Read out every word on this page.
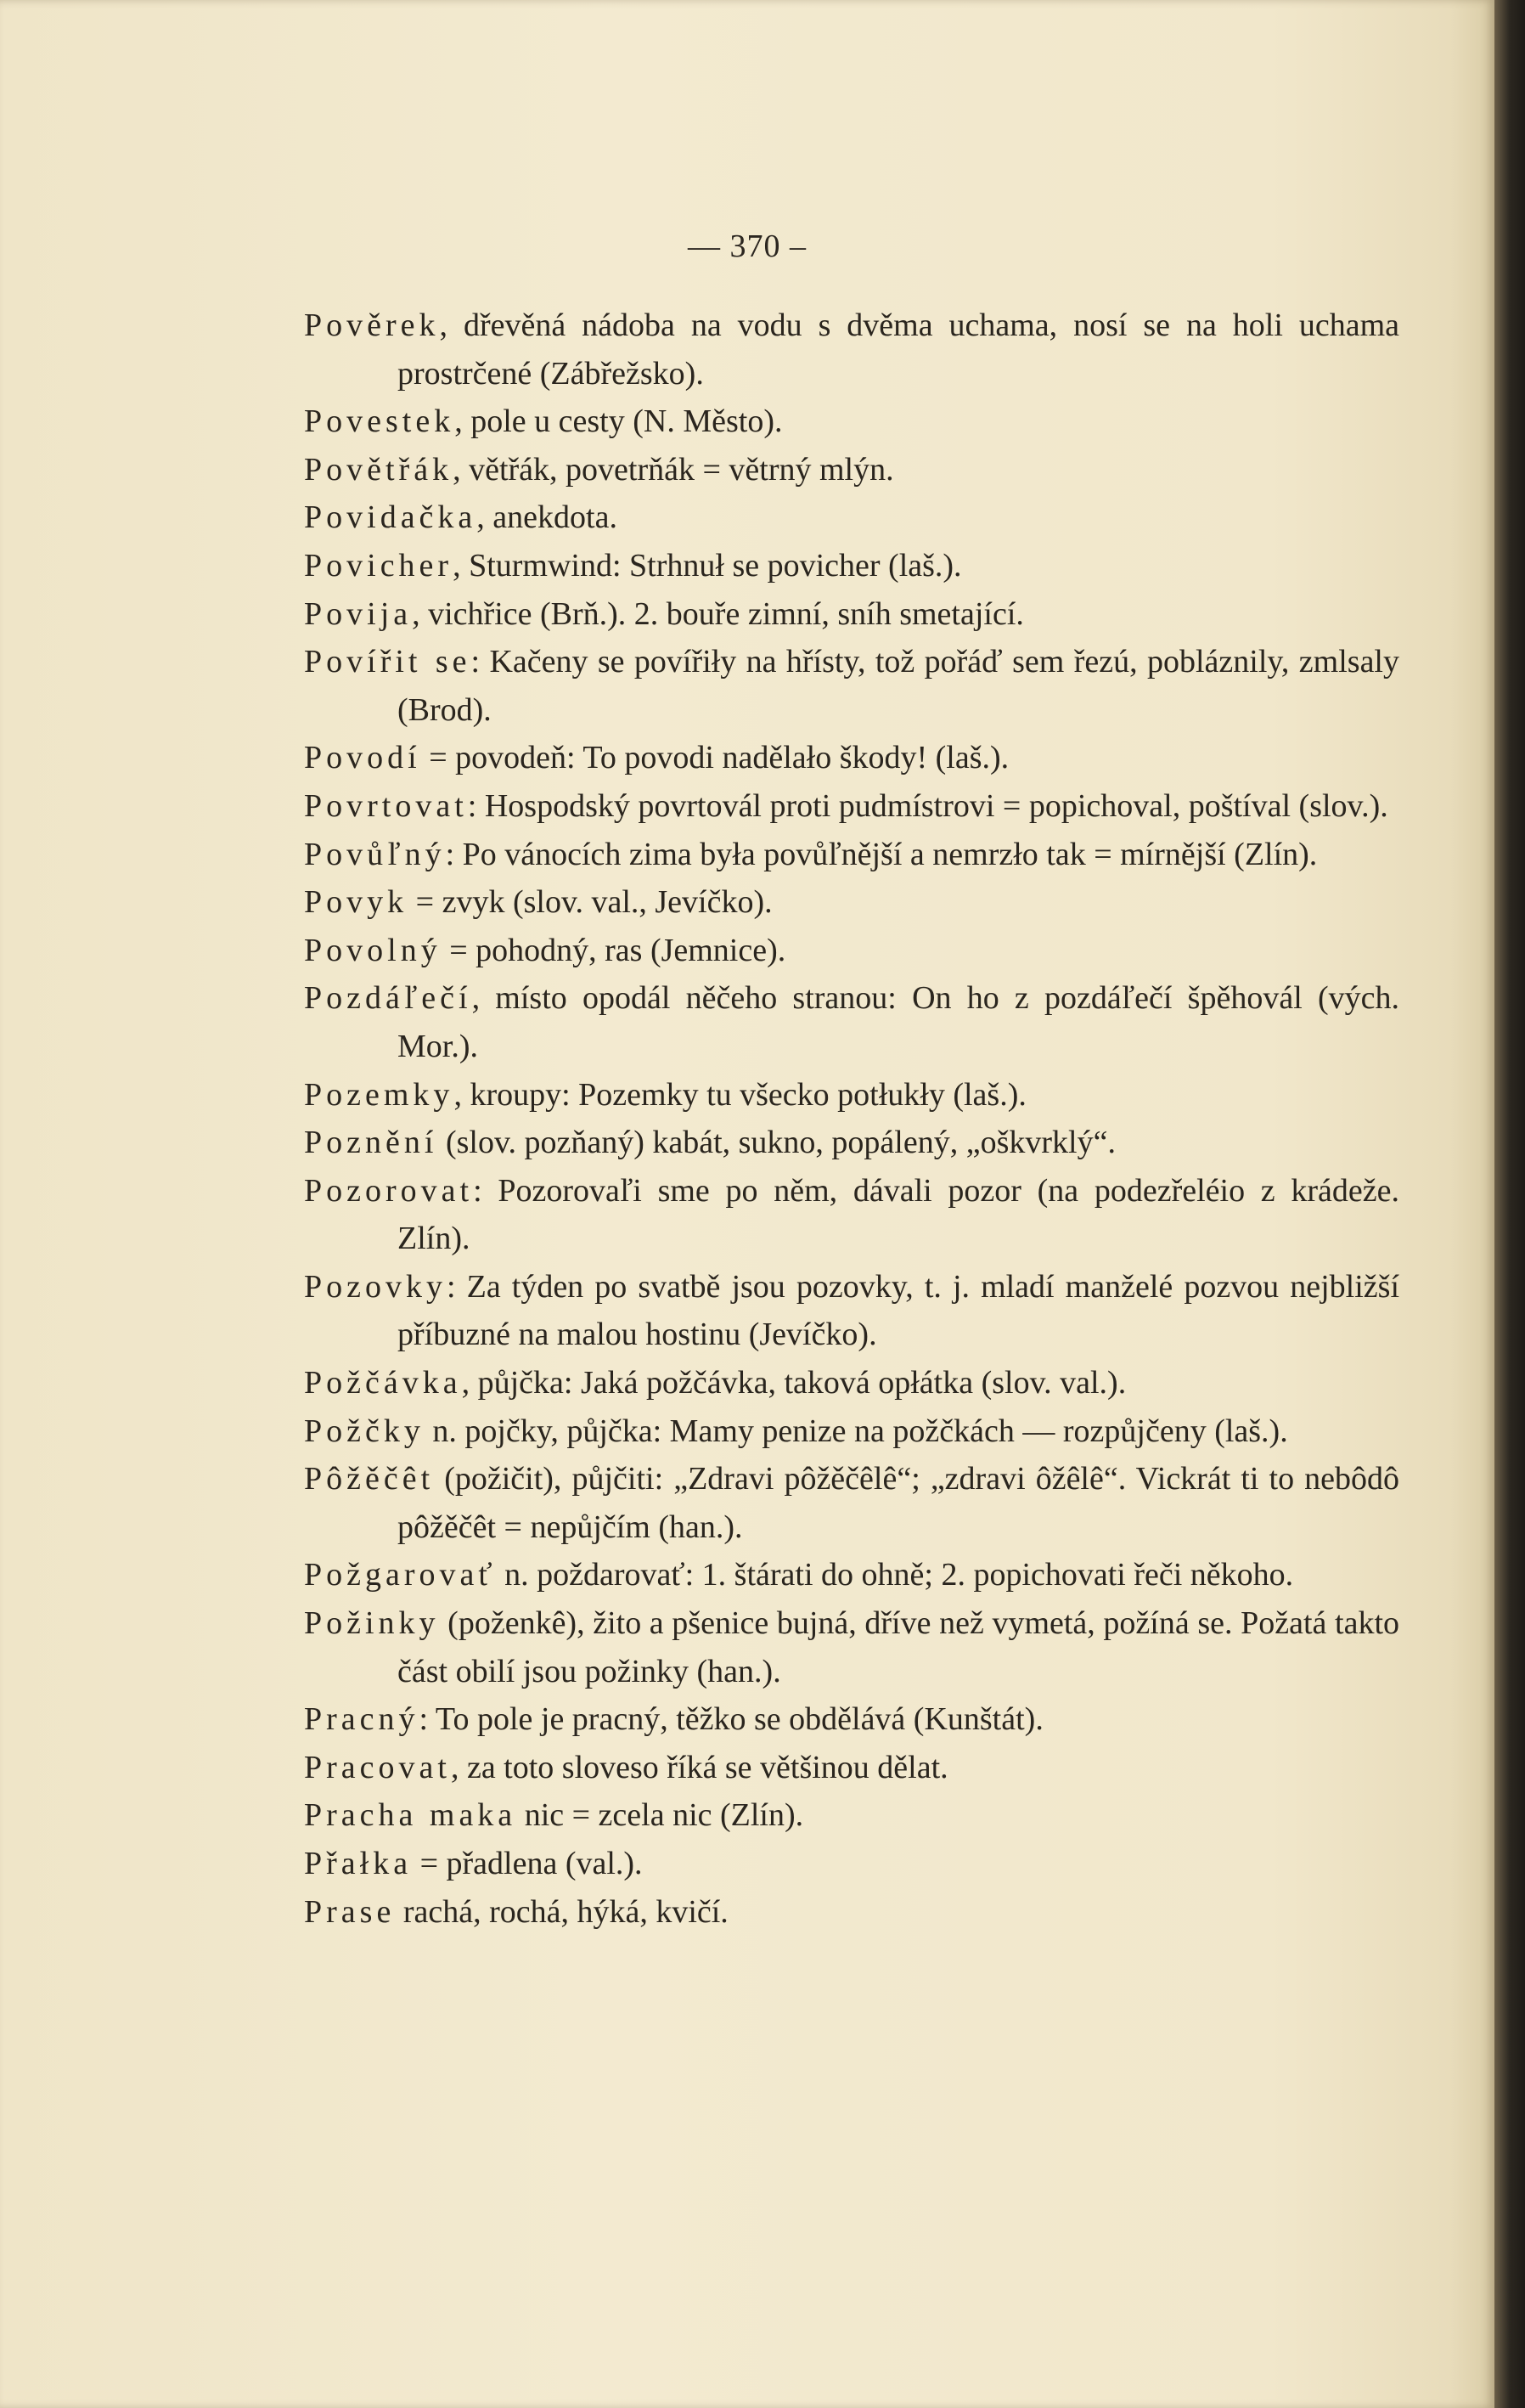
— 370 –

Pověrek, dřevěná nádoba na vodu s dvěma uchama, nosí se na holi uchama prostrčené (Zábřežsko).

Povestek, pole u cesty (N. Město).

Povětřák, větřák, povetrňák = větrný mlýn.

Povidačka, anekdota.

Povicher, Sturmwind: Strhnuł se povicher (laš.).

Povija, vichřice (Brň.). 2. bouře zimní, sníh smetající.

Povířit se: Kačeny se povířiły na hřísty, tož pořáď sem řezú, pobláznily, zmlsaly (Brod).

Povodí = povodeň: To povodi nadělało škody! (laš.).

Povrtovat: Hospodský povrtovál proti pudmístrovi = popichoval, poštíval (slov.).

Povůľný: Po vánocích zima była povůľnější a nemrzło tak = mírnější (Zlín).

Povyk = zvyk (slov. val., Jevíčko).

Povolný = pohodný, ras (Jemnice).

Pozdáľečí, místo opodál něčeho stranou: On ho z pozdáľečí špěhovál (vých. Mor.).

Pozemky, kroupy: Pozemky tu všecko potłukły (laš.).

Poznění (slov. pozňaný) kabát, sukno, popálený, „oškvrklý“.

Pozorovat: Pozorovaľi sme po něm, dávali pozor (na podezřeléio z krádeže. Zlín).

Pozovky: Za týden po svatbě jsou pozovky, t. j. mladí manželé pozvou nejbližší příbuzné na malou hostinu (Jevíčko).

Požčávka, půjčka: Jaká požčávka, taková opłátka (slov. val.).

Požčky n. pojčky, půjčka: Mamy penize na požčkách — rozpůjčeny (laš.).

Pôžěčêt (požičit), půjčiti: „Zdravi pôžěčêlê“; „zdravi ôžêlê“. Vickrát ti to nebôdô pôžěčêt = nepůjčím (han.).

Požgarovať n. poždarovať: 1. štárati do ohně; 2. popichovati řeči někoho.

Požinky (poženkê), žito a pšenice bujná, dříve než vymetá, požíná se. Požatá takto část obilí jsou požinky (han.).

Pracný: To pole je pracný, těžko se obdělává (Kunštát).

Pracovat, za toto sloveso říká se většinou dělat.

Pracha maka nic = zcela nic (Zlín).

Přałka = přadlena (val.).

Prase rachá, rochá, hýká, kvičí.
